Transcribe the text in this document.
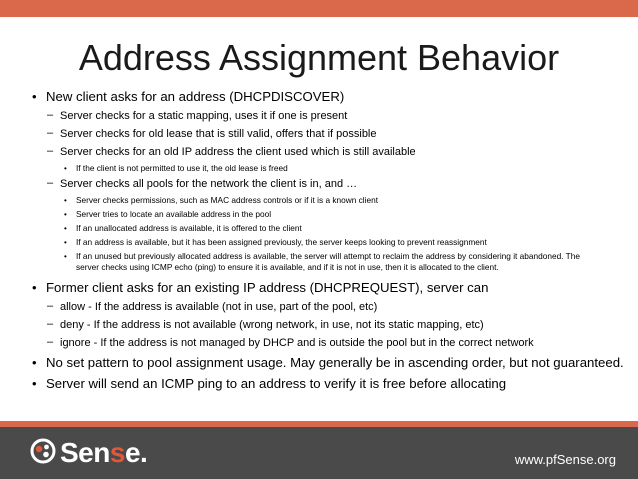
Address Assignment Behavior
• New client asks for an address (DHCPDISCOVER)
– Server checks for a static mapping, uses it if one is present
– Server checks for old lease that is still valid, offers that if possible
– Server checks for an old IP address the client used which is still available
• If the client is not permitted to use it, the old lease is freed
– Server checks all pools for the network the client is in, and …
• Server checks permissions, such as MAC address controls or if it is a known client
• Server tries to locate an available address in the pool
• If an unallocated address is available, it is offered to the client
• If an address is available, but it has been assigned previously, the server keeps looking to prevent reassignment
• If an unused but previously allocated address is available, the server will attempt to reclaim the address by considering it abandoned. The server checks using ICMP echo (ping) to ensure it is available, and if it is not in use, then it is allocated to the client.
• Former client asks for an existing IP address (DHCPREQUEST), server can
– allow - If the address is available (not in use, part of the pool, etc)
– deny - If the address is not available (wrong network, in use, not its static mapping, etc)
– ignore - If the address is not managed by DHCP and is outside the pool but in the correct network
• No set pattern to pool assignment usage. May generally be in ascending order, but not guaranteed.
• Server will send an ICMP ping to an address to verify it is free before allocating
Sense.	www.pfSense.org
